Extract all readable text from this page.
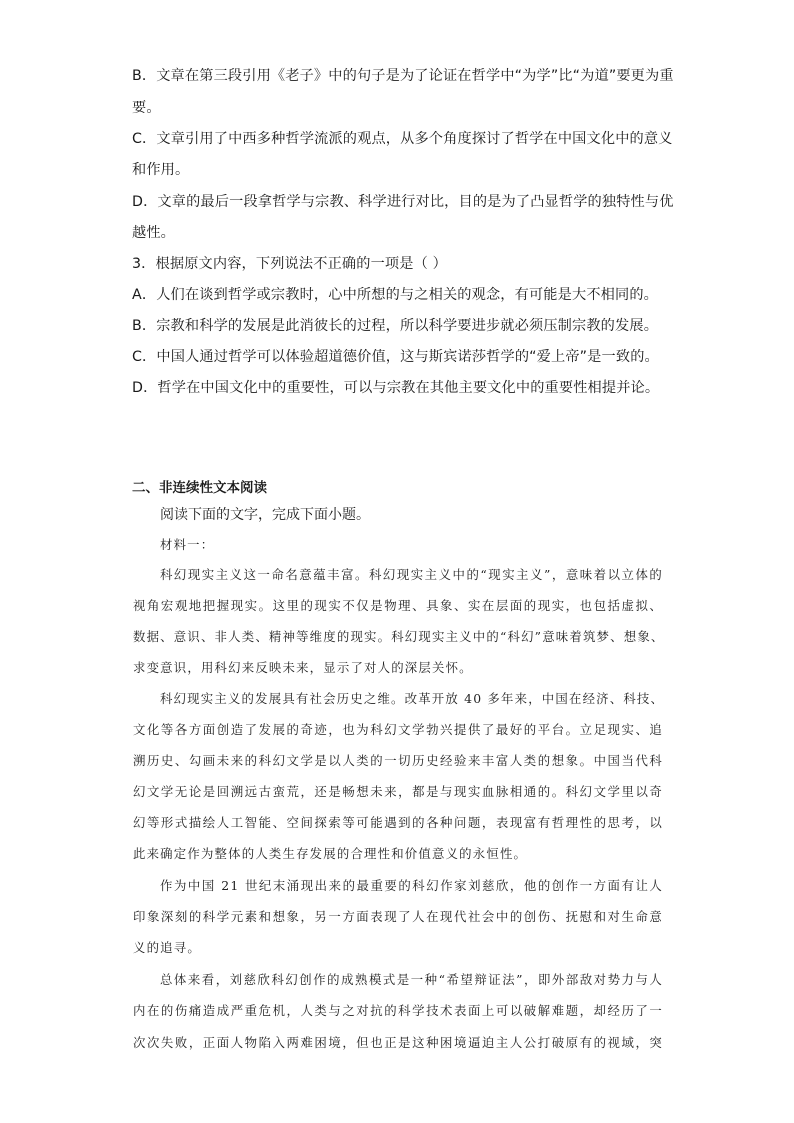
B．文章在第三段引用《老子》中的句子是为了论证在哲学中“为学”比“为道”要更为重
要。
C．文章引用了中西多种哲学流派的观点，从多个角度探讨了哲学在中国文化中的意义
和作用。
D．文章的最后一段拿哲学与宗教、科学进行对比，目的是为了凸显哲学的独特性与优
越性。
3．根据原文内容，下列说法不正确的一项是（ ）
A．人们在谈到哲学或宗教时，心中所想的与之相关的观念，有可能是大不相同的。
B．宗教和科学的发展是此消彼长的过程，所以科学要进步就必须压制宗教的发展。
C．中国人通过哲学可以体验超道德价值，这与斯宾诺莎哲学的“爱上帝”是一致的。
D．哲学在中国文化中的重要性，可以与宗教在其他主要文化中的重要性相提并论。
二、非连续性文本阅读
阅读下面的文字，完成下面小题。
材料一：
科幻现实主义这一命名意蕴丰富。科幻现实主义中的“现实主义”，意味着以立体的
视角宏观地把握现实。这里的现实不仅是物理、具象、实在层面的现实，也包括虚拟、
数据、意识、非人类、精神等维度的现实。科幻现实主义中的“科幻”意味着筑梦、想象、
求变意识，用科幻来反映未来，显示了对人的深层关怀。
科幻现实主义的发展具有社会历史之维。改革开放 40 多年来，中国在经济、科技、
文化等各方面创造了发展的奇迹，也为科幻文学勃兴提供了最好的平台。立足现实、追
溯历史、勾画未来的科幻文学是以人类的一切历史经验来丰富人类的想象。中国当代科
幻文学无论是回溯远古蛮荒，还是畅想未来，都是与现实血脉相通的。科幻文学里以奇
幻等形式描绘人工智能、空间探索等可能遇到的各种问题，表现富有哲理性的思考，以
此来确定作为整体的人类生存发展的合理性和价值意义的永恒性。
作为中国 21 世纪末涌现出来的最重要的科幻作家刘慈欣，他的创作一方面有让人
印象深刻的科学元素和想象，另一方面表现了人在现代社会中的创伤、抚慰和对生命意
义的追寻。
总体来看，刘慈欣科幻创作的成熟模式是一种“希望辩证法”，即外部敌对势力与人
内在的伤痛造成严重危机，人类与之对抗的科学技术表面上可以破解难题，却经历了一
次次失败，正面人物陷入两难困境，但也正是这种困境逼迫主人公打破原有的视域，突
